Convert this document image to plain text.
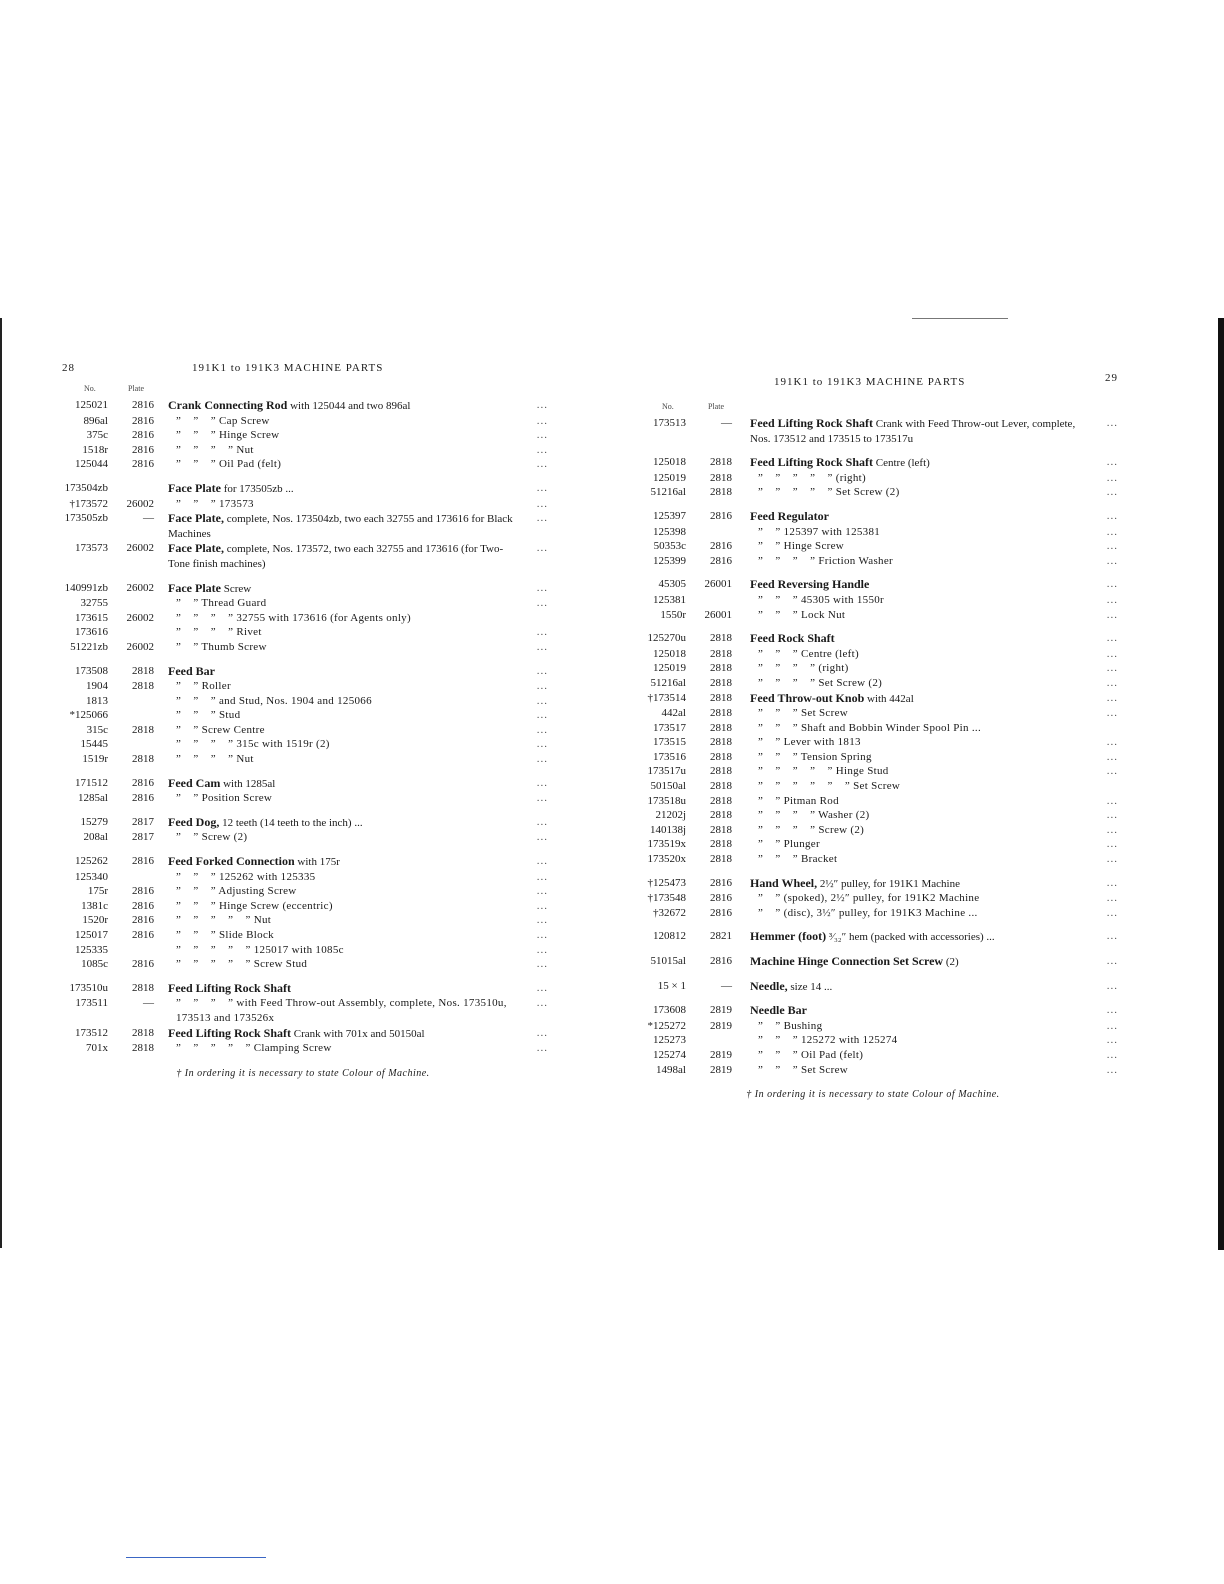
28	191K1 to 191K3 MACHINE PARTS
No.	Plate
125021	2816 Crank Connecting Rod with 125044 and two 896al	...
896al	2816	”    ”    ” Cap Screw	...
375c	2816	”    ”    ” Hinge Screw	...
1518r	2816	”    ”    ”    ” Nut	...
125044	2816	”    ”    ” Oil Pad (felt)	...
173504zb	Face Plate for 173505zb ...	...
†173572	26002	”    ”    ” 173573	...
173505zb	— Face Plate, complete, Nos. 173504zb, two each 32755 and 173616 for Black Machines
...
173573	26002 Face Plate, complete, Nos. 173572, two each 32755 and 173616 (for Two-Tone finish machines)
...
140991zb	26002 Face Plate Screw	...
32755	”    ” Thread Guard	...
173615	26002	”    ”    ”    ” 32755 with 173616 (for Agents only)
173616	”    ”    ”    ” Rivet	...
51221zb	26002	”    ” Thumb Screw	...
173508	2818 Feed Bar	...
1904	2818	”    ” Roller	...
1813	”    ”    ” and Stud, Nos. 1904 and 125066	...
*125066	”    ”    ” Stud	...
315c	2818	”    ” Screw Centre	...
15445	”    ”    ”    ” 315c with 1519r (2)	...
1519r	2818	”    ”    ”    ” Nut	...
171512	2816 Feed Cam with 1285al	...
1285al	2816	”    ” Position Screw	...
15279	2817 Feed Dog, 12 teeth (14 teeth to the inch) ...	...
208al	2817	”    ” Screw (2)	...
125262	2816 Feed Forked Connection with 175r	...
125340	”    ”    ” 125262 with 125335	...
175r	2816	”    ”    ” Adjusting Screw	...
1381c	2816	”    ”    ” Hinge Screw (eccentric)	...
1520r	2816	”    ”    ”    ”    ” Nut	...
125017	2816	”    ”    ” Slide Block	...
125335	”    ”    ”    ”    ” 125017 with 1085c	...
1085c	2816	”    ”    ”    ”    ” Screw Stud	...
173510u	2818 Feed Lifting Rock Shaft	...
173511	—	”    ”    ”    ” with Feed Throw-out Assembly, complete, Nos. 173510u, 173513 and 173526x
...
173512	2818 Feed Lifting Rock Shaft Crank with 701x and 50150al	...
701x	2818	”    ”    ”    ”    ” Clamping Screw	...
† In ordering it is necessary to state Colour of Machine.
191K1 to 191K3 MACHINE PARTS	29
No.	Plate
173513	— Feed Lifting Rock Shaft Crank with Feed Throw-out Lever, complete, Nos. 173512 and 173515 to 173517u
...
125018	2818 Feed Lifting Rock Shaft Centre (left)	...
125019	2818	”    ”    ”    ”    ” (right)	...
51216al	2818	”    ”    ”    ”    ” Set Screw (2)	...
125397	2816 Feed Regulator	...
125398	”    ” 125397 with 125381	...
50353c	2816	”    ” Hinge Screw	...
125399	2816	”    ”    ”    ” Friction Washer	...
45305	26001 Feed Reversing Handle	...
125381	”    ”    ” 45305 with 1550r	...
1550r	26001	”    ”    ” Lock Nut	...
125270u	2818 Feed Rock Shaft	...
125018	2818	”    ”    ” Centre (left)	...
125019	2818	”    ”    ”    ” (right)	...
51216al	2818	”    ”    ”    ” Set Screw (2)	...
†173514	2818 Feed Throw-out Knob with 442al	...
442al	2818	”    ”    ” Set Screw	...
173517	2818	”    ”    ” Shaft and Bobbin Winder Spool Pin ...
173515	2818	”    ” Lever with 1813	...
173516	2818	”    ”    ” Tension Spring	...
173517u	2818	”    ”    ”    ”    ” Hinge Stud	...
50150al	2818	”    ”    ”    ”    ”    ” Set Screw
173518u	2818	”    ” Pitman Rod	...
21202j	2818	”    ”    ”    ” Washer (2)	...
140138j	2818	”    ”    ”    ” Screw (2)	...
173519x	2818	”    ” Plunger	...
173520x	2818	”    ”    ” Bracket	...
†125473	2816 Hand Wheel, 2½″ pulley, for 191K1 Machine	...
†173548	2816	”    ” (spoked), 2½″ pulley, for 191K2 Machine	...
†32672	2816	”    ” (disc), 3½″ pulley, for 191K3 Machine ...	...
120812	2821 Hemmer (foot) ³⁄₃₂″ hem (packed with accessories) ...	...
51015al	2816 Machine Hinge Connection Set Screw (2)	...
15 × 1	— Needle, size 14 ...	...
173608	2819 Needle Bar	...
*125272	2819	”    ” Bushing	...
125273	”    ”    ” 125272 with 125274	...
125274	2819	”    ”    ” Oil Pad (felt)	...
1498al	2819	”    ”    ” Set Screw	...
† In ordering it is necessary to state Colour of Machine.
